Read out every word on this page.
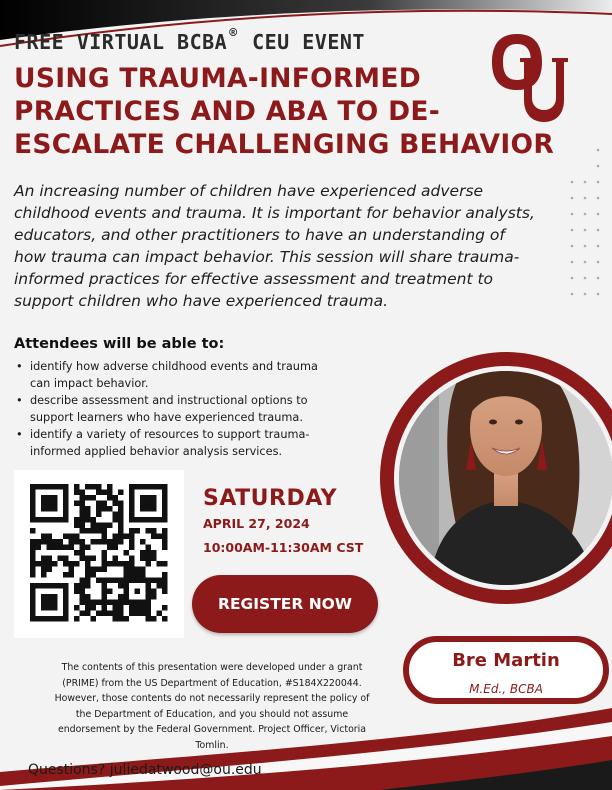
FREE VIRTUAL BCBA ® CEU EVENT
USING TRAUMA-INFORMED
PRACTICES AND ABA TO DE-
ESCALATE CHALLENGING BEHAVIOR

An increasing number of children have experienced adverse
childhood events and trauma. It is important for behavior analysts,
educators, and other practitioners to have an understanding of
how trauma can impact behavior. This session will share trauma-
informed practices for effective assessment and treatment to
support children who have experienced trauma.

Attendees will be able to:
• identify how adverse childhood events and trauma
can impact behavior.
• describe assessment and instructional options to
support learners who have experienced trauma.
• identify a variety of resources to support trauma-
informed applied behavior analysis services.
SATURDAY
APRIL 27, 2024
10:00AM-11:30AM CST
REGISTER NOW

The contents of this presentation were developed under a grant
(PRIME) from the US Department of Education, #S184X220044.
However, those contents do not necessarily represent the policy of
the Department of Education, and you should not assume
endorsement by the Federal Government. Project Officer, Victoria
Tomlin.

Questions? juliedatwood@ou.edu
Bre Martin
M.Ed., BCBA
